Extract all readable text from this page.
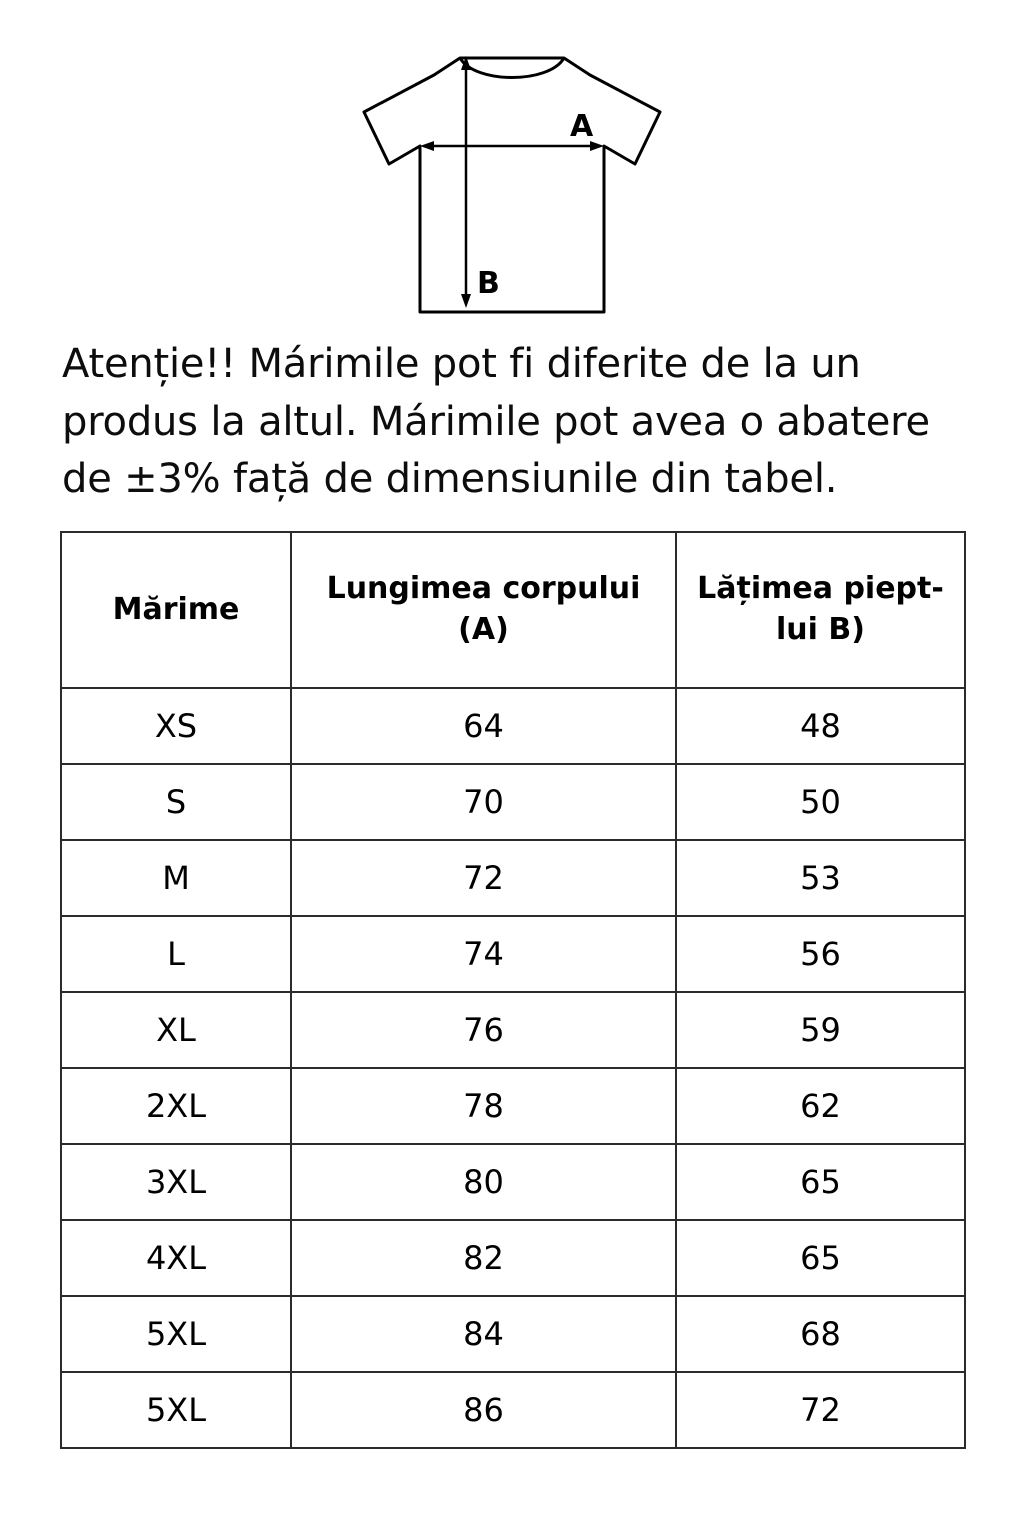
A
B

Atenție!! Márimile pot fi diferite de la un produs la altul. Márimile pot avea o abatere de ±3% față de dimensiunile din tabel.

Mărime	Lungimea corpului (A)	Lățimea piept-lui B)
XS	64	48
S	70	50
M	72	53
L	74	56
XL	76	59
2XL	78	62
3XL	80	65
4XL	82	65
5XL	84	68
5XL	86	72
